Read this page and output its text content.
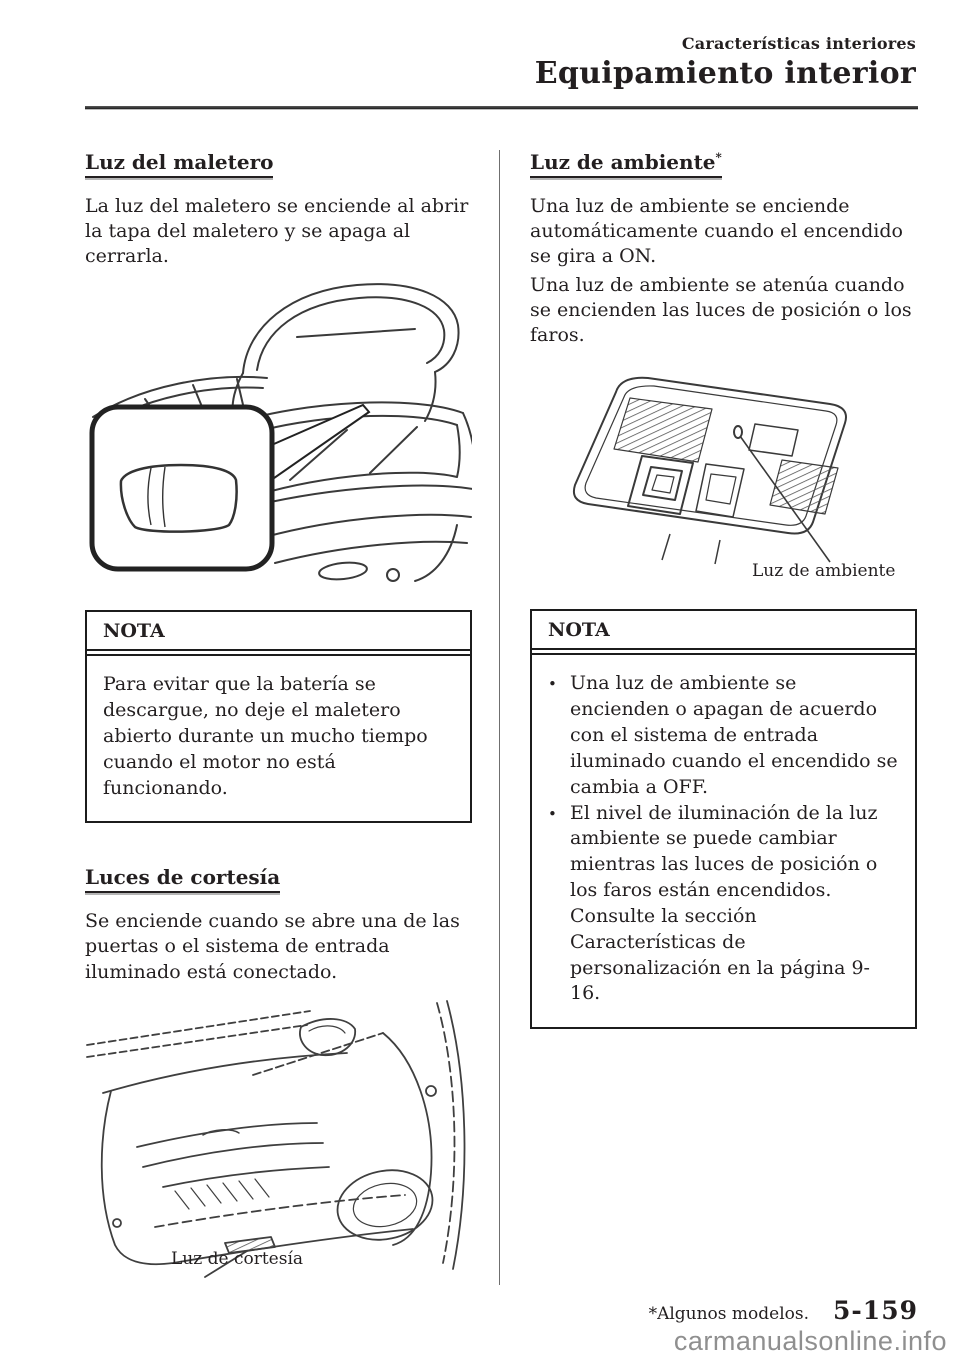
Características interiores
Equipamiento interior
Luz del maletero

La luz del maletero se enciende al abrir la tapa del maletero y se apaga al cerrarla.

NOTA
Para evitar que la batería se descargue, no deje el maletero abierto durante un mucho tiempo cuando el motor no está funcionando.
Luces de cortesía

Se enciende cuando se abre una de las puertas o el sistema de entrada iluminado está conectado.

Luz de cortesía
Luz de ambiente*

Una luz de ambiente se enciende automáticamente cuando el encendido se gira a ON.

Una luz de ambiente se atenúa cuando se encienden las luces de posición o los faros.

Luz de ambiente
NOTA
• Una luz de ambiente se encienden o apagan de acuerdo con el sistema de entrada iluminado cuando el encendido se cambia a OFF.
• El nivel de iluminación de la luz ambiente se puede cambiar mientras las luces de posición o los faros están encendidos.
Consulte la sección Características de personalización en la página 9-16.
*Algunos modelos. 5-159
carmanualsonline.info
